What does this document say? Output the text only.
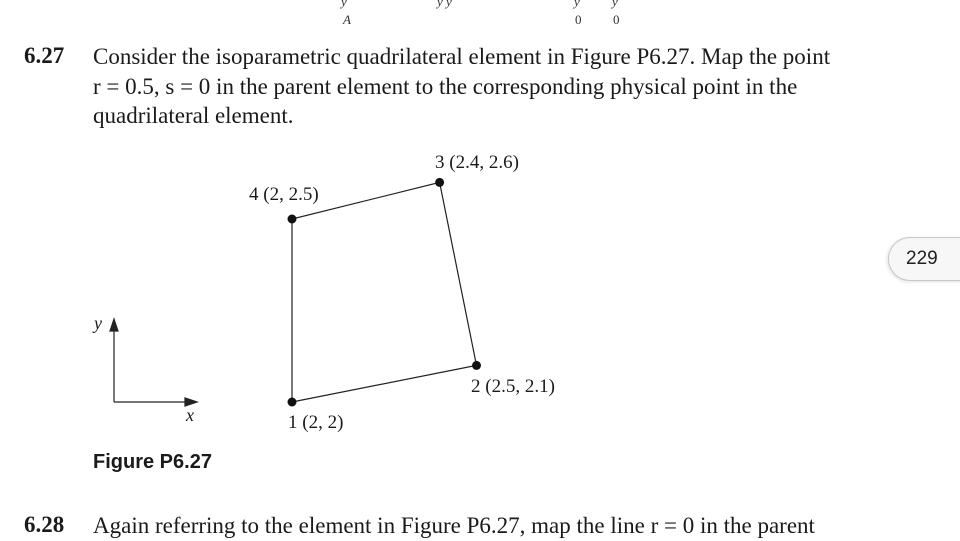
y
A
y y	y
0
y
0
6.27 Consider the isoparametric quadrilateral element in Figure P6.27. Map the point
r = 0.5, s = 0 in the parent element to the corresponding physical point in the
quadrilateral element.
1 (2, 2)
2 (2.5, 2.1)
3 (2.4, 2.6)
4 (2, 2.5)
y
x
Figure P6.27
229
6.28 Again referring to the element in Figure P6.27, map the line r = 0 in the parent
